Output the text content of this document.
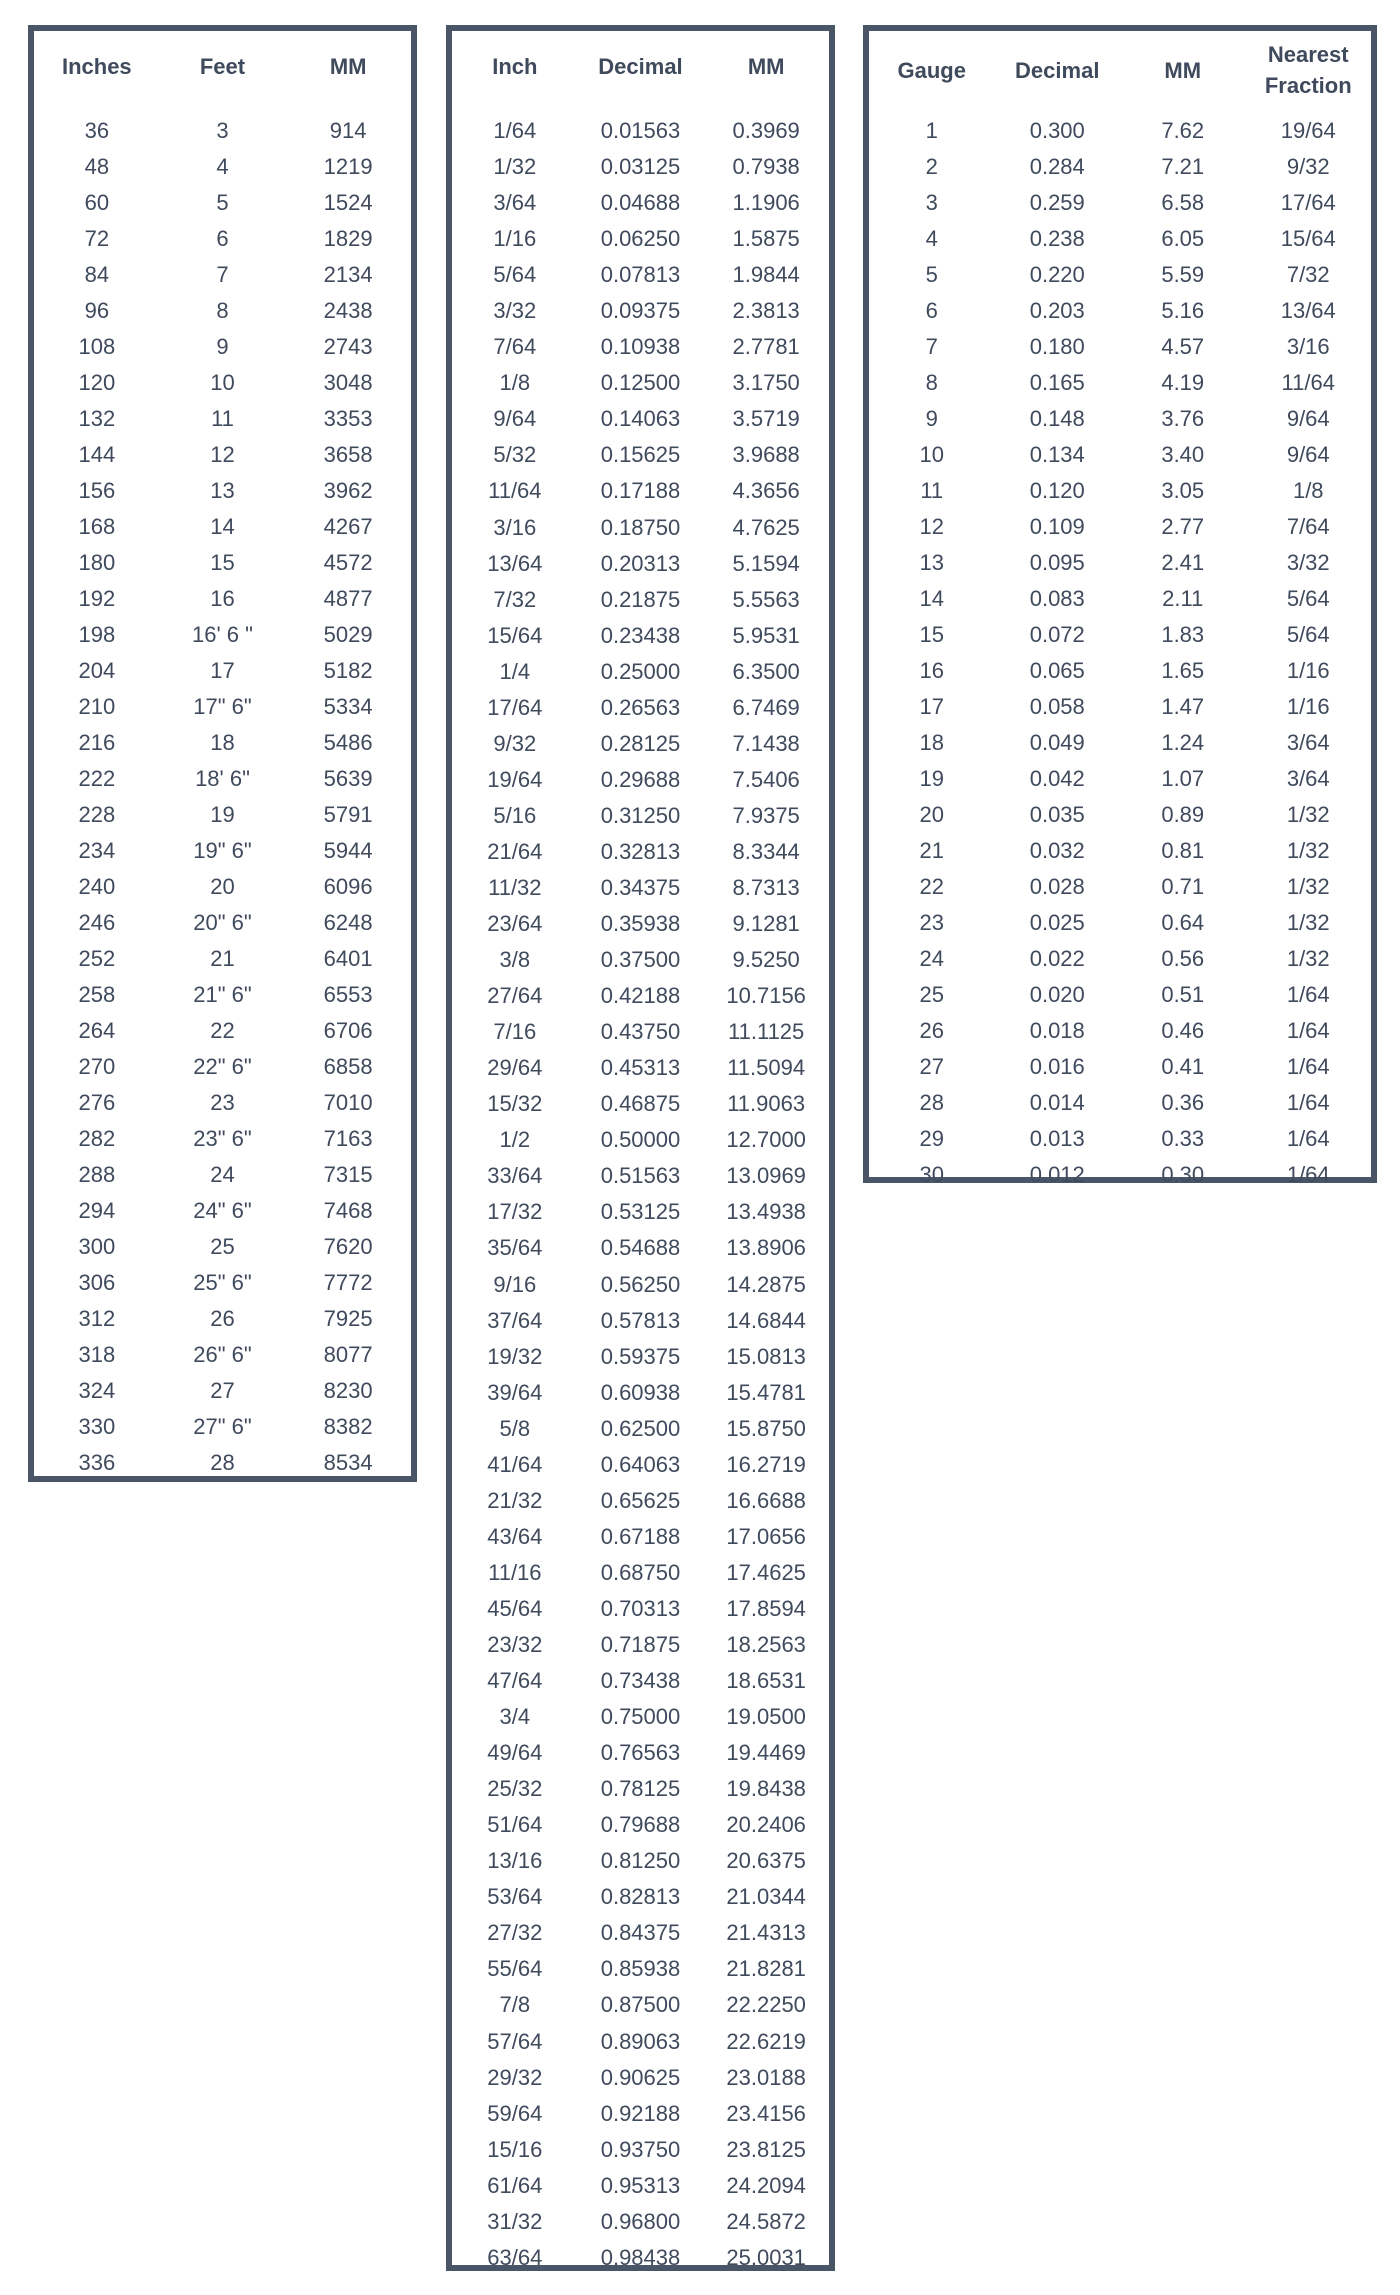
Inches	Feet	MM
36	3	914
48	4	1219
60	5	1524
72	6	1829
84	7	2134
96	8	2438
108	9	2743
120	10	3048
132	11	3353
144	12	3658
156	13	3962
168	14	4267
180	15	4572
192	16	4877
198	16' 6 "	5029
204	17	5182
210	17" 6"	5334
216	18	5486
222	18' 6"	5639
228	19	5791
234	19" 6"	5944
240	20	6096
246	20" 6"	6248
252	21	6401
258	21" 6"	6553
264	22	6706
270	22" 6"	6858
276	23	7010
282	23" 6"	7163
288	24	7315
294	24" 6"	7468
300	25	7620
306	25" 6"	7772
312	26	7925
318	26" 6"	8077
324	27	8230
330	27" 6"	8382
336	28	8534
Inch	Decimal	MM
1/64	0.01563	0.3969
1/32	0.03125	0.7938
3/64	0.04688	1.1906
1/16	0.06250	1.5875
5/64	0.07813	1.9844
3/32	0.09375	2.3813
7/64	0.10938	2.7781
1/8	0.12500	3.1750
9/64	0.14063	3.5719
5/32	0.15625	3.9688
11/64	0.17188	4.3656
3/16	0.18750	4.7625
13/64	0.20313	5.1594
7/32	0.21875	5.5563
15/64	0.23438	5.9531
1/4	0.25000	6.3500
17/64	0.26563	6.7469
9/32	0.28125	7.1438
19/64	0.29688	7.5406
5/16	0.31250	7.9375
21/64	0.32813	8.3344
11/32	0.34375	8.7313
23/64	0.35938	9.1281
3/8	0.37500	9.5250
27/64	0.42188	10.7156
7/16	0.43750	11.1125
29/64	0.45313	11.5094
15/32	0.46875	11.9063
1/2	0.50000	12.7000
33/64	0.51563	13.0969
17/32	0.53125	13.4938
35/64	0.54688	13.8906
9/16	0.56250	14.2875
37/64	0.57813	14.6844
19/32	0.59375	15.0813
39/64	0.60938	15.4781
5/8	0.62500	15.8750
41/64	0.64063	16.2719
21/32	0.65625	16.6688
43/64	0.67188	17.0656
11/16	0.68750	17.4625
45/64	0.70313	17.8594
23/32	0.71875	18.2563
47/64	0.73438	18.6531
3/4	0.75000	19.0500
49/64	0.76563	19.4469
25/32	0.78125	19.8438
51/64	0.79688	20.2406
13/16	0.81250	20.6375
53/64	0.82813	21.0344
27/32	0.84375	21.4313
55/64	0.85938	21.8281
7/8	0.87500	22.2250
57/64	0.89063	22.6219
29/32	0.90625	23.0188
59/64	0.92188	23.4156
15/16	0.93750	23.8125
61/64	0.95313	24.2094
31/32	0.96800	24.5872
63/64	0.98438	25.0031
Gauge	Decimal	MM	Nearest
Fraction

1	0.300	7.62	19/64
2	0.284	7.21	9/32
3	0.259	6.58	17/64
4	0.238	6.05	15/64
5	0.220	5.59	7/32
6	0.203	5.16	13/64
7	0.180	4.57	3/16
8	0.165	4.19	11/64
9	0.148	3.76	9/64
10	0.134	3.40	9/64
11	0.120	3.05	1/8
12	0.109	2.77	7/64
13	0.095	2.41	3/32
14	0.083	2.11	5/64
15	0.072	1.83	5/64
16	0.065	1.65	1/16
17	0.058	1.47	1/16
18	0.049	1.24	3/64
19	0.042	1.07	3/64
20	0.035	0.89	1/32
21	0.032	0.81	1/32
22	0.028	0.71	1/32
23	0.025	0.64	1/32
24	0.022	0.56	1/32
25	0.020	0.51	1/64
26	0.018	0.46	1/64
27	0.016	0.41	1/64
28	0.014	0.36	1/64
29	0.013	0.33	1/64
30	0.012	0.30	1/64
